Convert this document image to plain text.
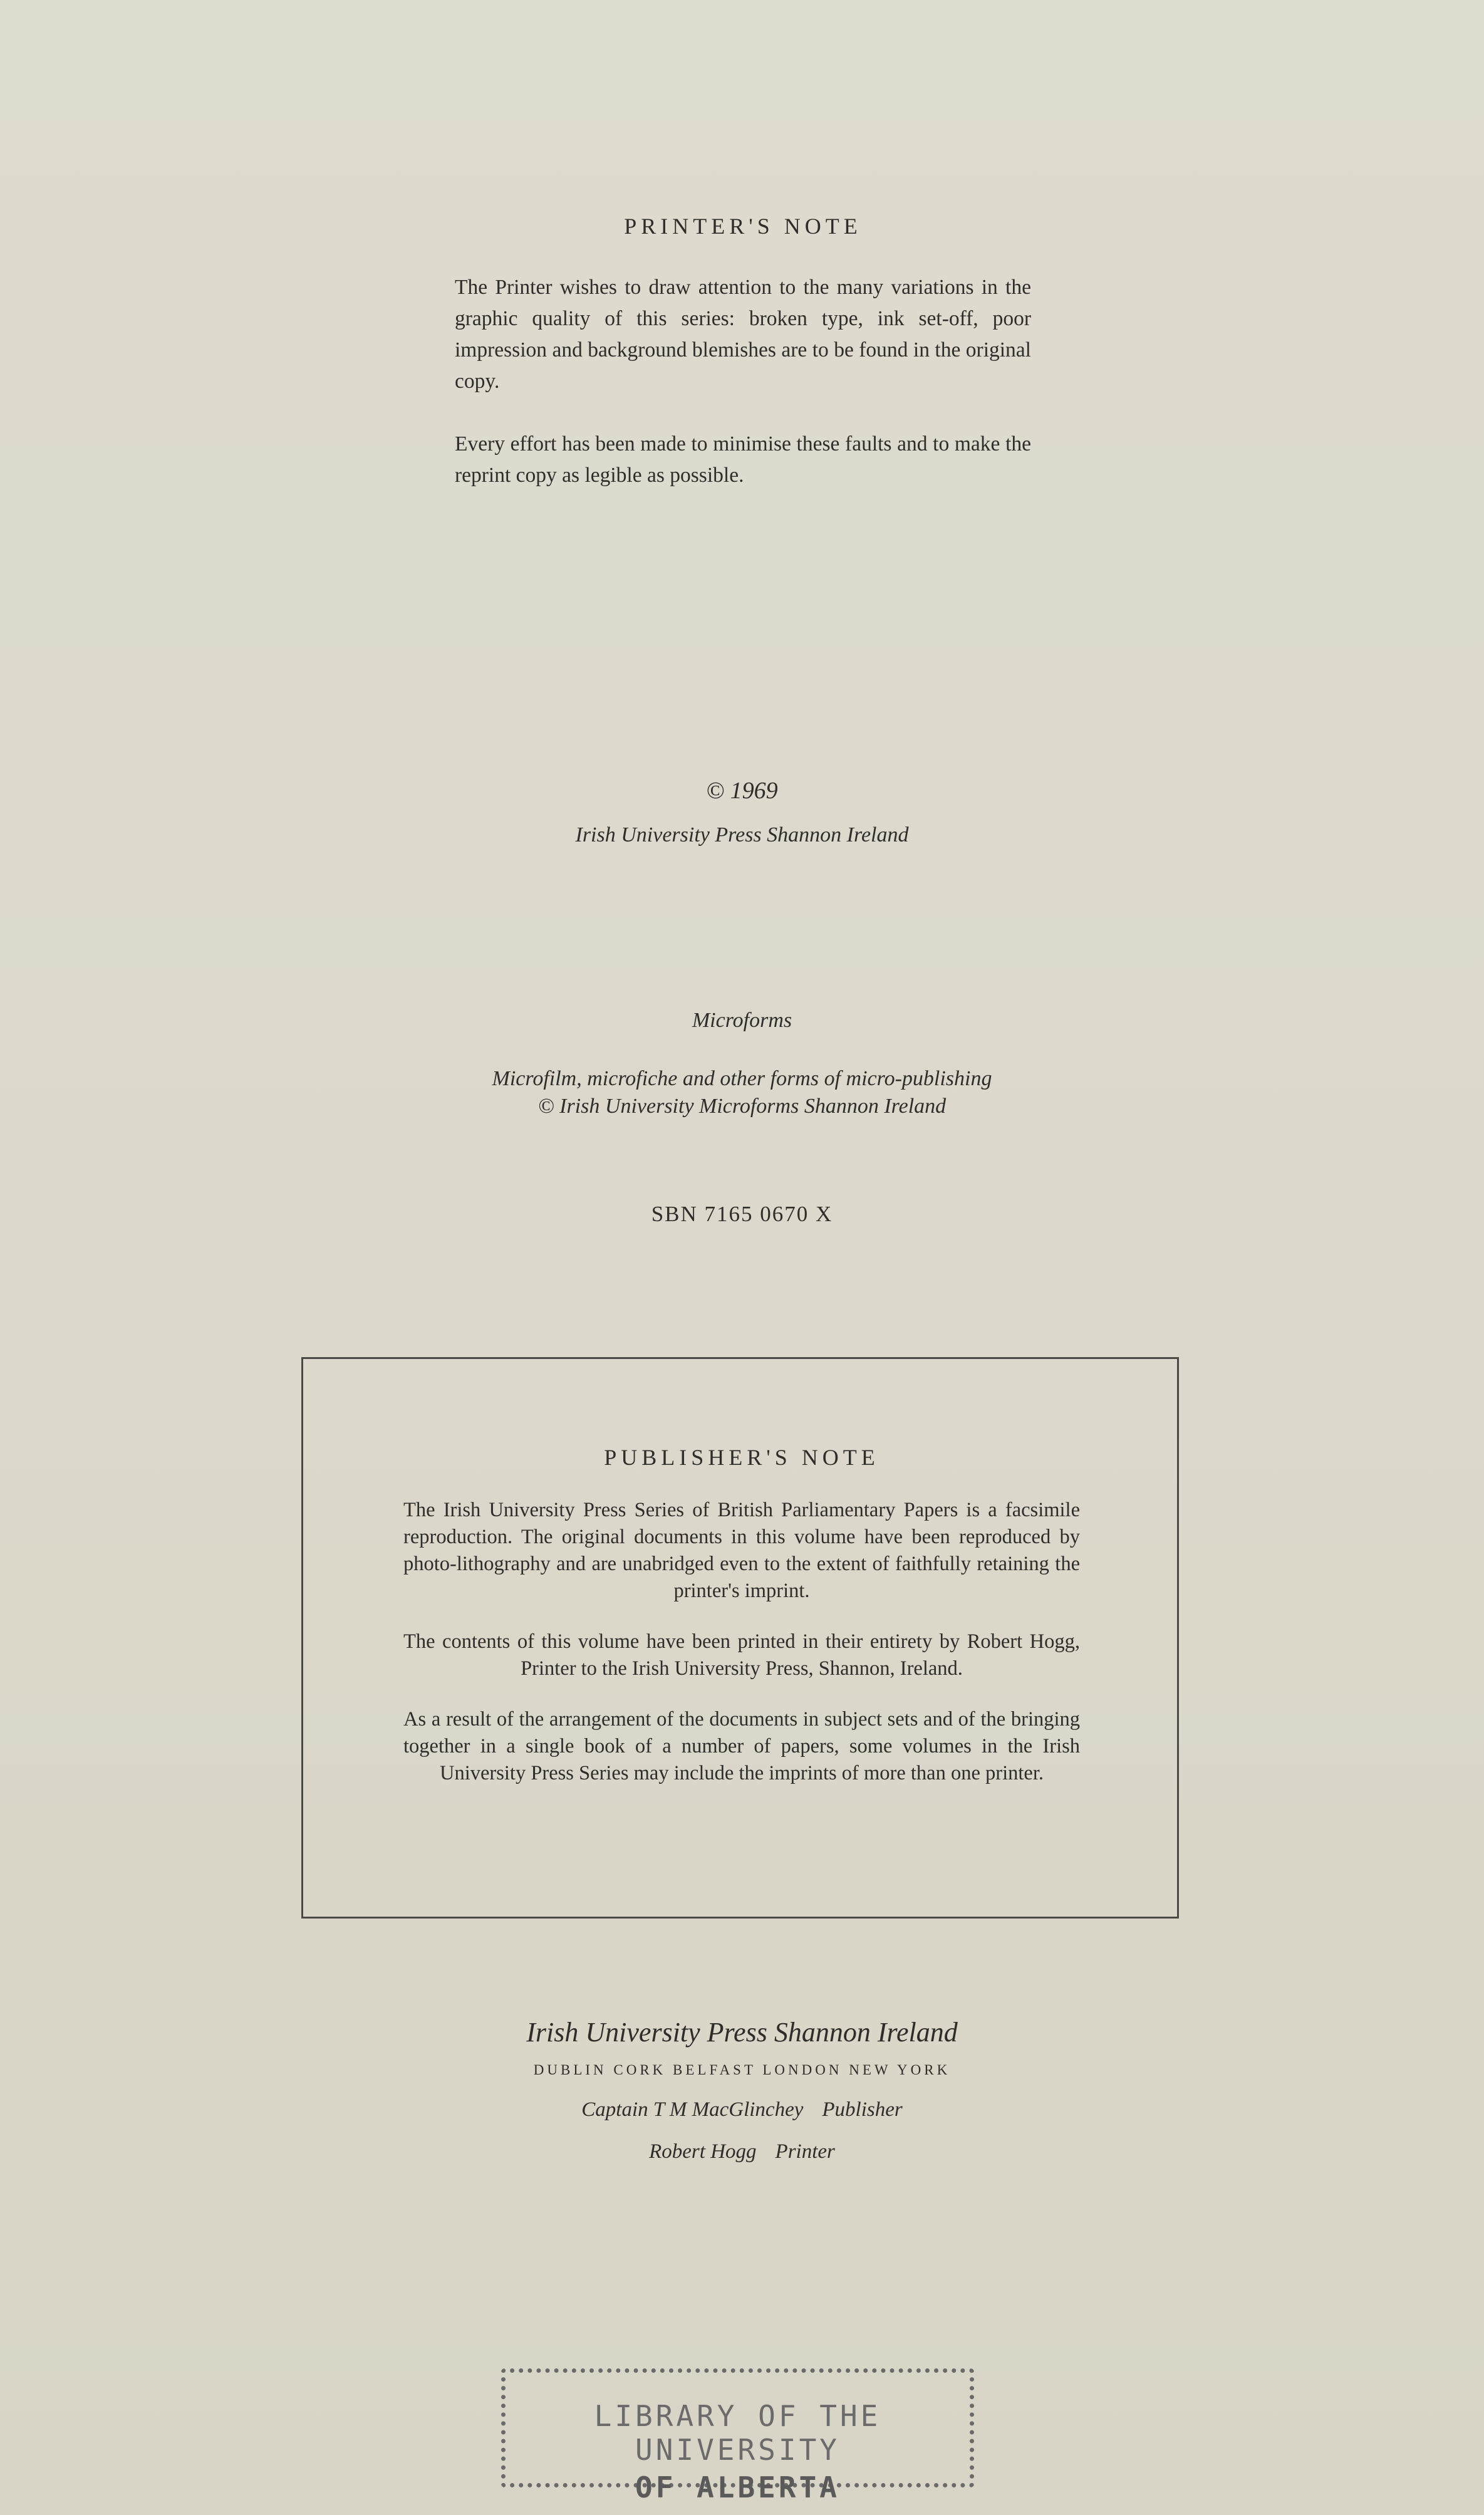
PRINTER'S NOTE

The Printer wishes to draw attention to the many variations in the graphic quality of this series: broken type, ink set-off, poor impression and background blemishes are to be found in the original copy.

Every effort has been made to minimise these faults and to make the reprint copy as legible as possible.

© 1969

Irish University Press Shannon Ireland

Microforms

Microfilm, microfiche and other forms of micro-publishing

© Irish University Microforms Shannon Ireland

SBN 7165 0670 X
PUBLISHER'S NOTE

The Irish University Press Series of British Parliamentary Papers is a facsimile reproduction. The original documents in this volume have been reproduced by photo-lithography and are unabridged even to the extent of faithfully retaining the printer's imprint.

The contents of this volume have been printed in their entirety by Robert Hogg, Printer to the Irish University Press, Shannon, Ireland.

As a result of the arrangement of the documents in subject sets and of the bringing together in a single book of a number of papers, some volumes in the Irish University Press Series may include the imprints of more than one printer.

Irish University Press Shannon Ireland

DUBLIN CORK BELFAST LONDON NEW YORK

Captain T M MacGlinchey Publisher

Robert Hogg Printer

LIBRARY OF THE UNIVERSITY
OF ALBERTA
